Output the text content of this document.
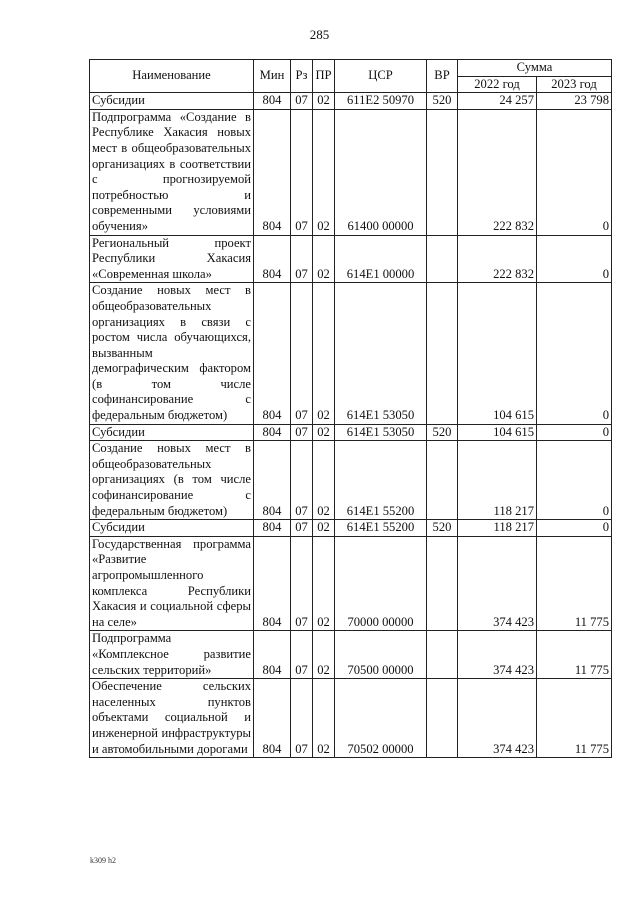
285
Наименование	Мин	Рз	ПР	ЦСР	ВР	Сумма	
						2022 год	2023 год
Субсидии	804	07	02	611Е2 50970	520	24 257	23 798
Подпрограмма «Создание в Республике Хакасия новых мест в общеобразовательных организациях в соответствии с прогнозируемой потребностью и современными условиями обучения»	804	07	02	61400 00000		222 832	0
Региональный проект Республики Хакасия «Современная школа»	804	07	02	614Е1 00000		222 832	0
Создание новых мест в общеобразовательных организациях в связи с ростом числа обучающихся, вызванным демографическим фактором (в том числе софинансирование с федеральным бюджетом)	804	07	02	614Е1 53050		104 615	0
Субсидии	804	07	02	614Е1 53050	520	104 615	0
Создание новых мест в общеобразовательных организациях (в том числе софинансирование с федеральным бюджетом)	804	07	02	614Е1 55200		118 217	0
Субсидии	804	07	02	614Е1 55200	520	118 217	0
Государственная программа «Развитие агропромышленного комплекса Республики Хакасия и социальной сферы на селе»	804	07	02	70000 00000		374 423	11 775
Подпрограмма «Комплексное развитие сельских территорий»	804	07	02	70500 00000		374 423	11 775
Обеспечение сельских населенных пунктов объектами социальной и инженерной инфраструктуры и автомобильными дорогами	804	07	02	70502 00000		374 423	11 775
k309 h2
